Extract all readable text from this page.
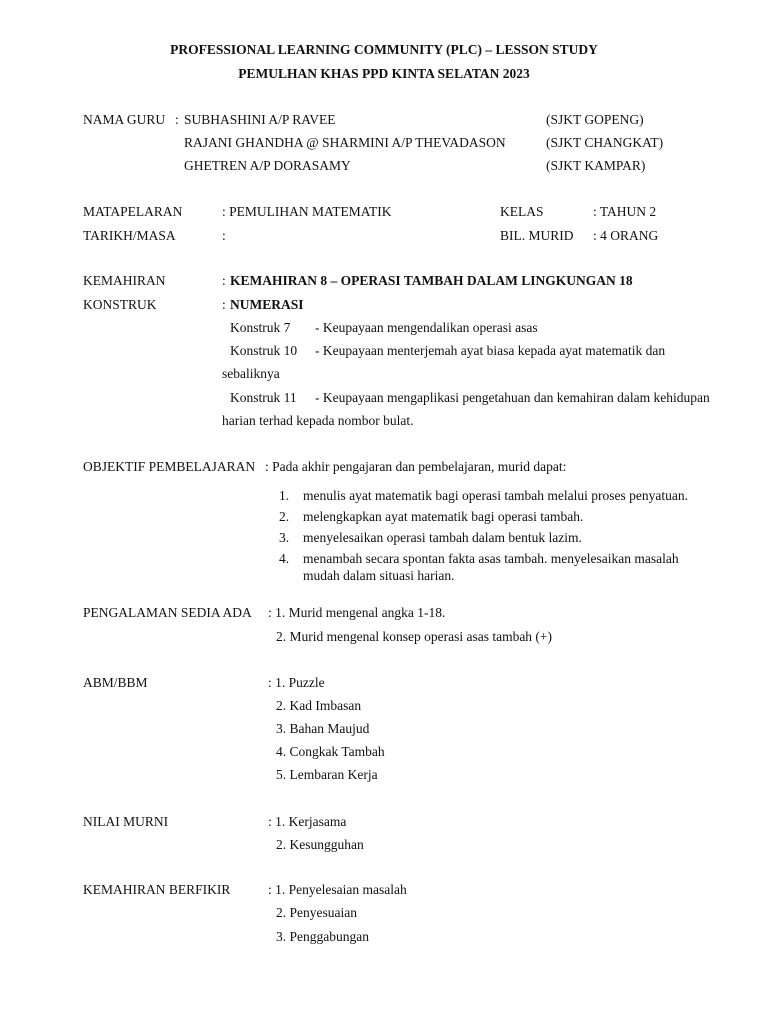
PROFESSIONAL LEARNING COMMUNITY (PLC) – LESSON STUDY
PEMULHAN KHAS PPD KINTA SELATAN 2023
NAMA GURU : SUBHASHINI A/P RAVEE	(SJKT GOPENG)
RAJANI GHANDHA @ SHARMINI A/P THEVADASON	(SJKT CHANGKAT)
GHETREN A/P DORASAMY	(SJKT KAMPAR)
MATAPELARAN	: PEMULIHAN MATEMATIK	KELAS	: TAHUN 2
TARIKH/MASA	:	BIL. MURID : 4 ORANG
KEMAHIRAN	: KEMAHIRAN 8 – OPERASI TAMBAH DALAM LINGKUNGAN 18
KONSTRUK	: NUMERASI
Konstruk 7 - Keupayaan mengendalikan operasi asas
Konstruk 10 - Keupayaan menterjemah ayat biasa kepada ayat matematik dan
sebaliknya
Konstruk 11 - Keupayaan mengaplikasi pengetahuan dan kemahiran dalam kehidupan
harian terhad kepada nombor bulat.
OBJEKTIF PEMBELAJARAN : Pada akhir pengajaran dan pembelajaran, murid dapat:
1. menulis ayat matematik bagi operasi tambah melalui proses penyatuan.
2. melengkapkan ayat matematik bagi operasi tambah.
3. menyelesaikan operasi tambah dalam bentuk lazim.
4. menambah secara spontan fakta asas tambah. menyelesaikan masalah
mudah dalam situasi harian.
PENGALAMAN SEDIA ADA : 1. Murid mengenal angka 1-18.
2. Murid mengenal konsep operasi asas tambah (+)
ABM/BBM	: 1. Puzzle
2. Kad Imbasan
3. Bahan Maujud
4. Congkak Tambah
5. Lembaran Kerja
NILAI MURNI	: 1. Kerjasama
2. Kesungguhan
KEMAHIRAN BERFIKIR	: 1. Penyelesaian masalah
2. Penyesuaian
3. Penggabungan
